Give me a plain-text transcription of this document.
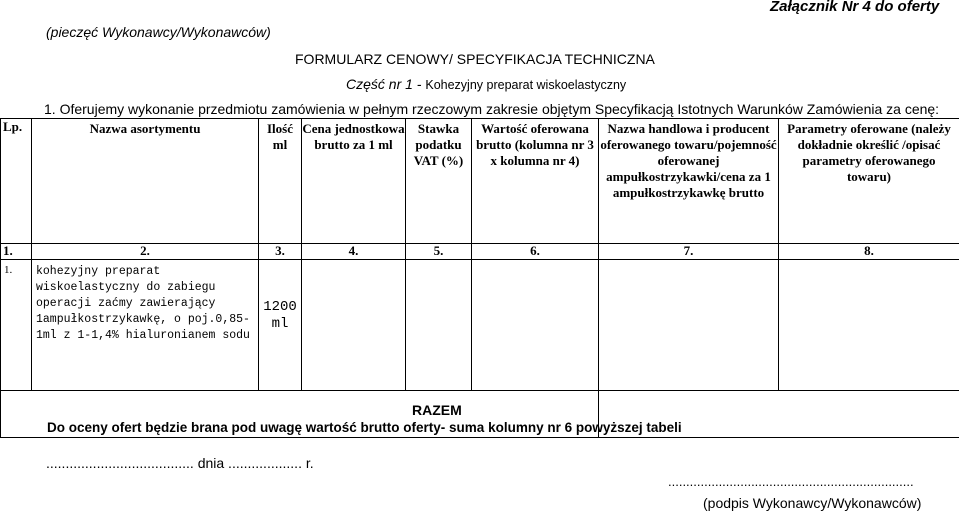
Załącznik Nr 4 do oferty
(pieczęć Wykonawcy/Wykonawców)
FORMULARZ CENOWY/ SPECYFIKACJA TECHNICZNA
Część nr 1 - Kohezyjny preparat wiskoelastyczny
1. Oferujemy wykonanie przedmiotu zamówienia w pełnym rzeczowym zakresie objętym Specyfikacją Istotnych Warunków Zamówienia za cenę:
Lp.	Nazwa asortymentu	Ilość ml	Cena jednostkowa brutto za 1 ml	Stawka podatku VAT (%)	Wartość oferowana brutto (kolumna nr 3 x kolumna nr 4)	Nazwa handlowa i producent oferowanego towaru/pojemność oferowanej ampułkostrzykawki/cena za 1 ampułkostrzykawkę brutto	Parametry oferowane (należy dokładnie określić /opisać parametry oferowanego towaru)

1.	2.	3.	4.	5.	6.	7.	8.
1.	kohezyjny preparat wiskoelastyczny do zabiegu operacji zaćmy zawierający 1ampułkostrzykawkę, o poj.0,85-1ml z 1-1,4% hialuronianem sodu	1200 ml					

RAZEM
Do oceny ofert będzie brana pod uwagę wartość brutto oferty- suma kolumny nr 6 powyższej tabeli
...................................... dnia ................... r.
....................................................................
(podpis Wykonawcy/Wykonawców)
